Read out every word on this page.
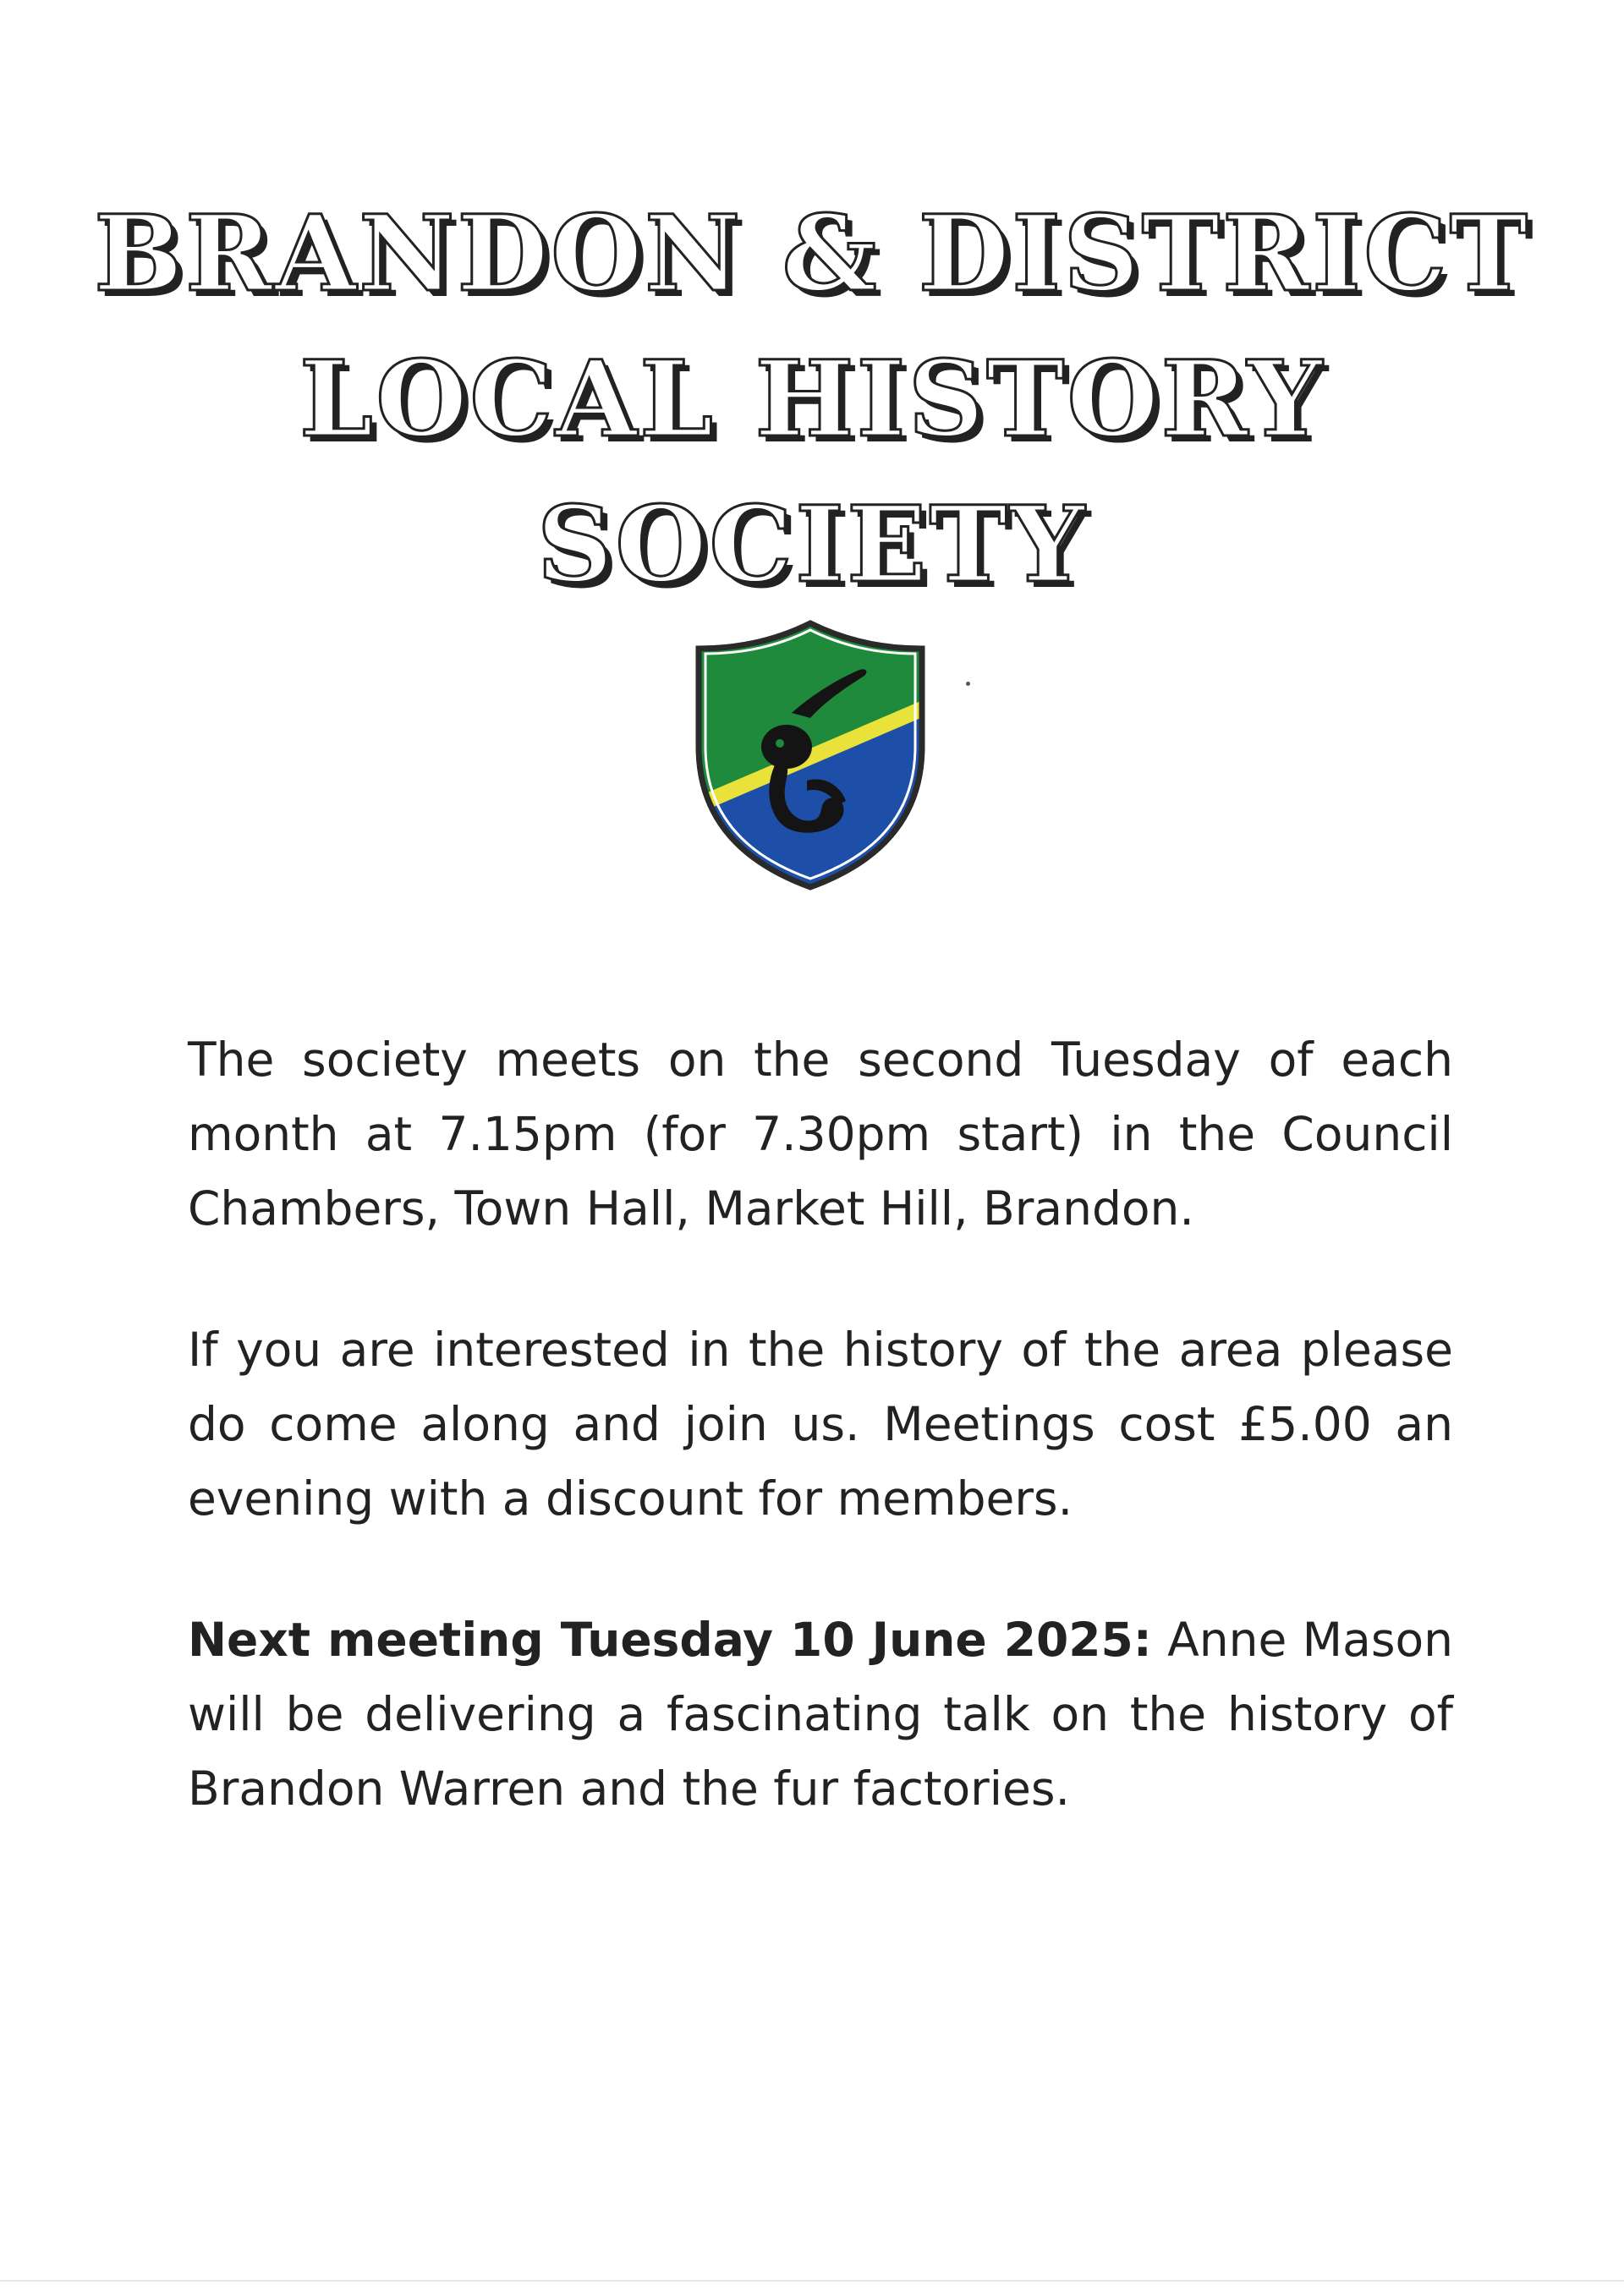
BRANDON & DISTRICT
LOCAL HISTORY
SOCIETY

The society meets on the second Tuesday of each month at 7.15pm (for 7.30pm start) in the Council Chambers, Town Hall, Market Hill, Brandon.

If you are interested in the history of the area please do come along and join us. Meetings cost £5.00 an evening with a discount for members.

Next meeting Tuesday 10 June 2025: Anne Mason will be delivering a fascinating talk on the history of Brandon Warren and the fur factories.
